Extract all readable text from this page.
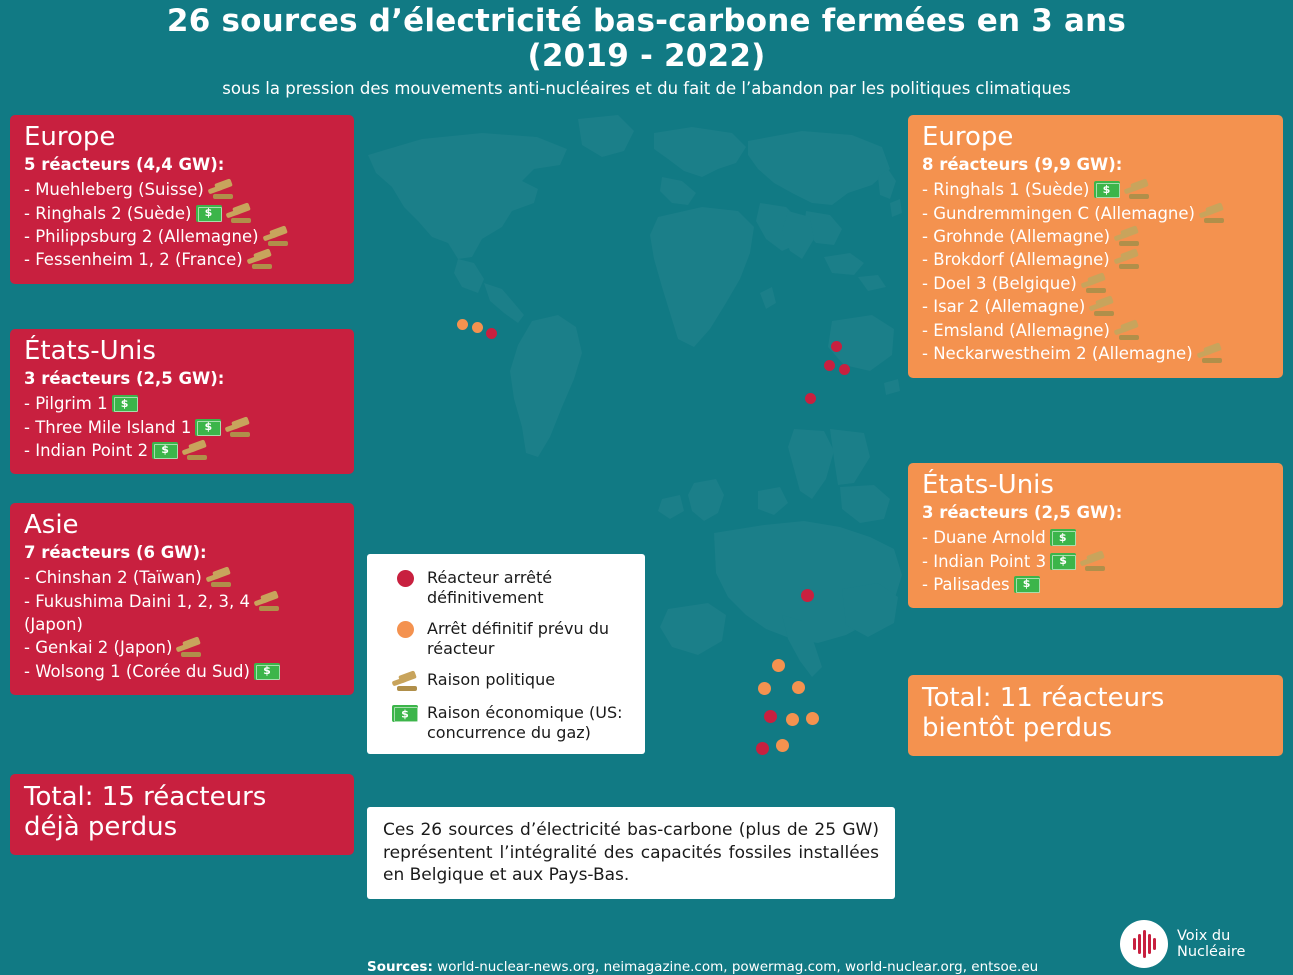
26 sources d’électricité bas-carbone fermées en 3 ans
(2019 - 2022)
sous la pression des mouvements anti-nucléaires et du fait de l’abandon par les politiques climatiques
Europe
5 réacteurs (4,4 GW):
- Muehleberg (Suisse)
- Ringhals 2 (Suède)$
- Philippsburg 2 (Allemagne)
- Fessenheim 1, 2 (France)
États-Unis
3 réacteurs (2,5 GW):
- Pilgrim 1$
- Three Mile Island 1$
- Indian Point 2$
Asie
7 réacteurs (6 GW):
- Chinshan 2 (Taïwan)
- Fukushima Daini 1, 2, 3, 4
(Japon)
- Genkai 2 (Japon)
- Wolsong 1 (Corée du Sud)$
Total: 15 réacteurs
déjà perdus
Europe
8 réacteurs (9,9 GW):
- Ringhals 1 (Suède)$
- Gundremmingen C (Allemagne)
- Grohnde (Allemagne)
- Brokdorf (Allemagne)
- Doel 3 (Belgique)
- Isar 2 (Allemagne)
- Emsland (Allemagne)
- Neckarwestheim 2 (Allemagne)
États-Unis
3 réacteurs (2,5 GW):
- Duane Arnold$
- Indian Point 3$
- Palisades$
Total: 11 réacteurs
bientôt perdus
Réacteur arrêté définitivement
Arrêt définitif prévu du réacteur
Raison politique
$
Raison économique (US: concurrence du gaz)
Ces 26 sources d’électricité bas-carbone (plus de 25 GW) représentent l’intégralité des capacités fossiles installées en Belgique et aux Pays-Bas.
Sources: world-nuclear-news.org, neimagazine.com, powermag.com, world-nuclear.org, entsoe.eu
Voix du
Nucléaire
